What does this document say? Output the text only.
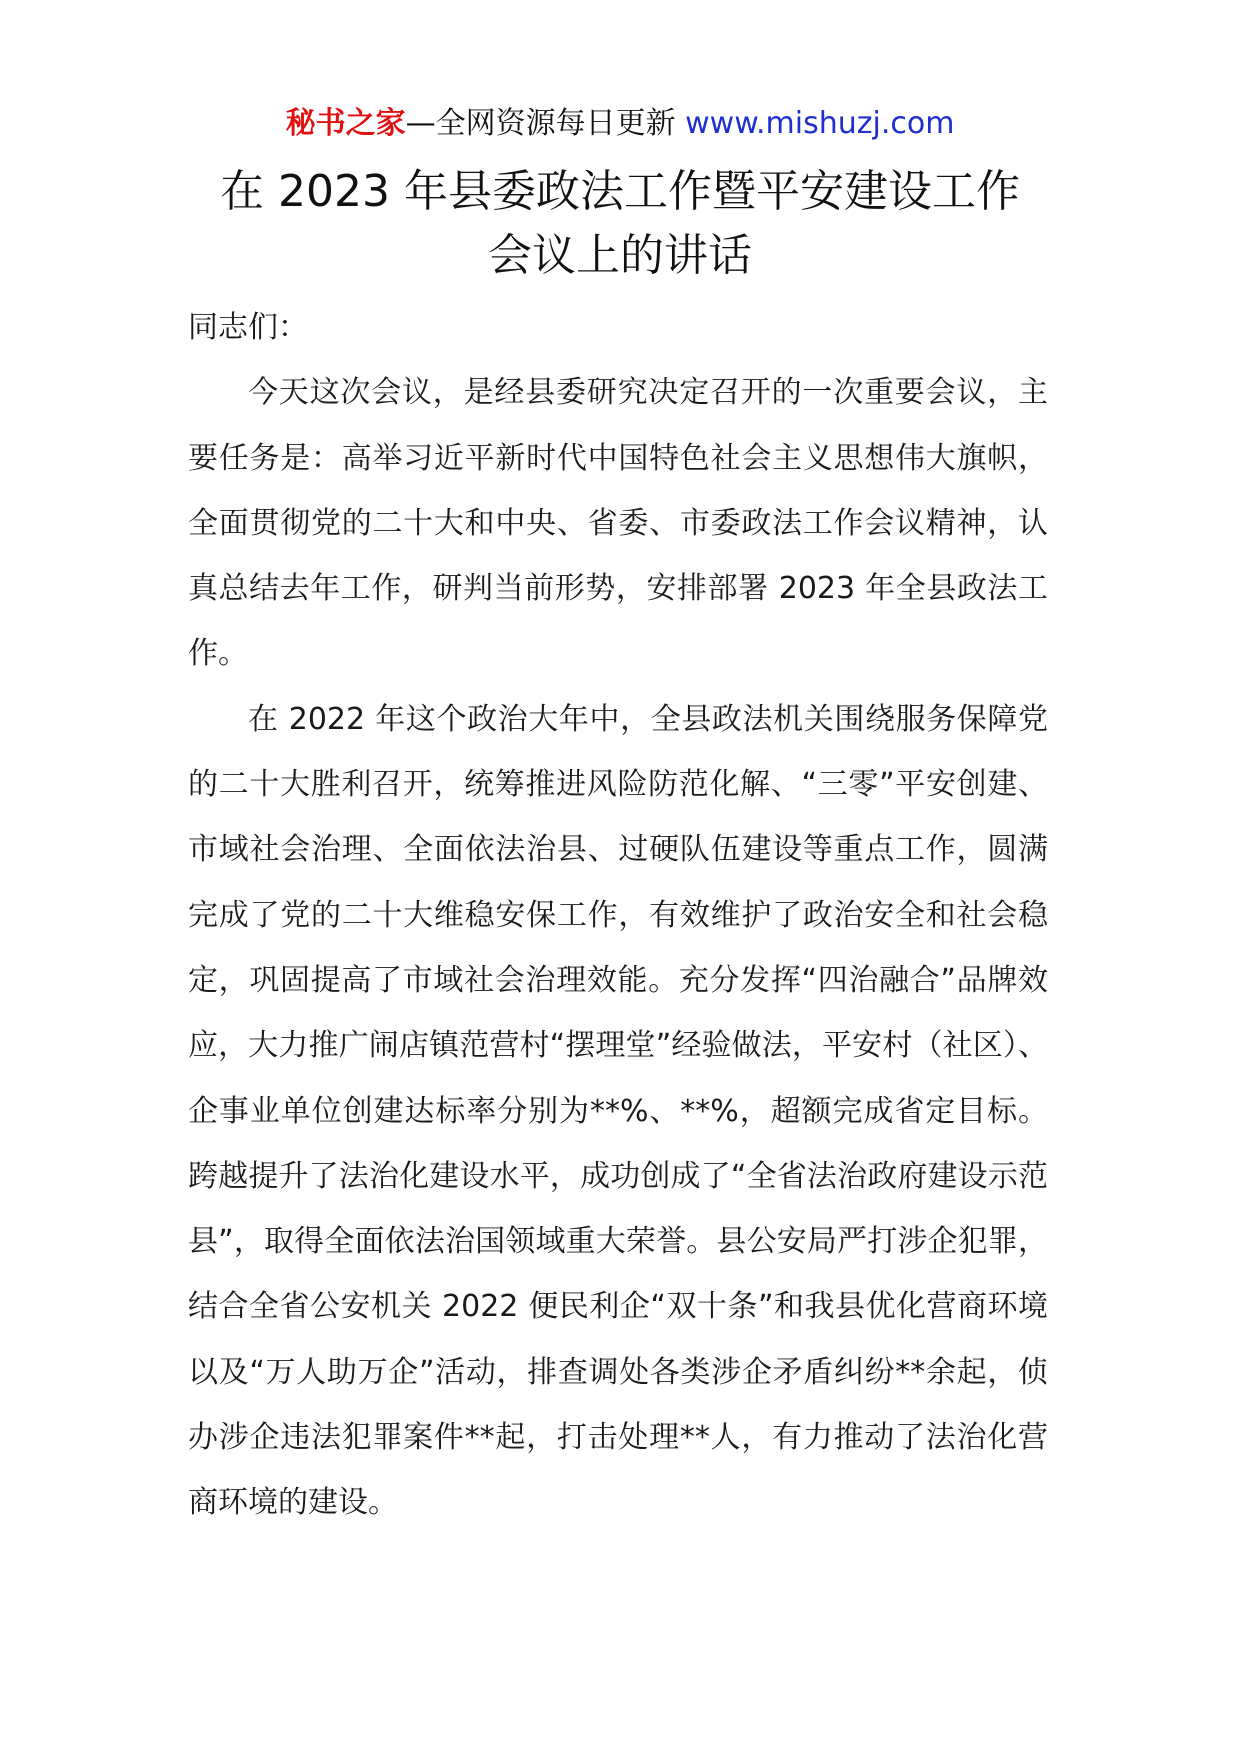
秘书之家—全网资源每日更新 www.mishuzj.com
在 2023 年县委政法工作暨平安建设工作
会议上的讲话

同志们：

今天这次会议，是经县委研究决定召开的一次重要会议，主要任务是：高举习近平新时代中国特色社会主义思想伟大旗帜，全面贯彻党的二十大和中央、省委、市委政法工作会议精神，认真总结去年工作，研判当前形势，安排部署 2023 年全县政法工作。

在 2022 年这个政治大年中，全县政法机关围绕服务保障党的二十大胜利召开，统筹推进风险防范化解、“三零”平安创建、市域社会治理、全面依法治县、过硬队伍建设等重点工作，圆满完成了党的二十大维稳安保工作，有效维护了政治安全和社会稳定，巩固提高了市域社会治理效能。充分发挥“四治融合”品牌效应，大力推广闹店镇范营村“摆理堂”经验做法，平安村（社区）、企事业单位创建达标率分别为**%、**%，超额完成省定目标。跨越提升了法治化建设水平，成功创成了“全省法治政府建设示范县”，取得全面依法治国领域重大荣誉。县公安局严打涉企犯罪，结合全省公安机关 2022 便民利企“双十条”和我县优化营商环境以及“万人助万企”活动，排查调处各类涉企矛盾纠纷**余起，侦办涉企违法犯罪案件**起，打击处理**人，有力推动了法治化营商环境的建设。
